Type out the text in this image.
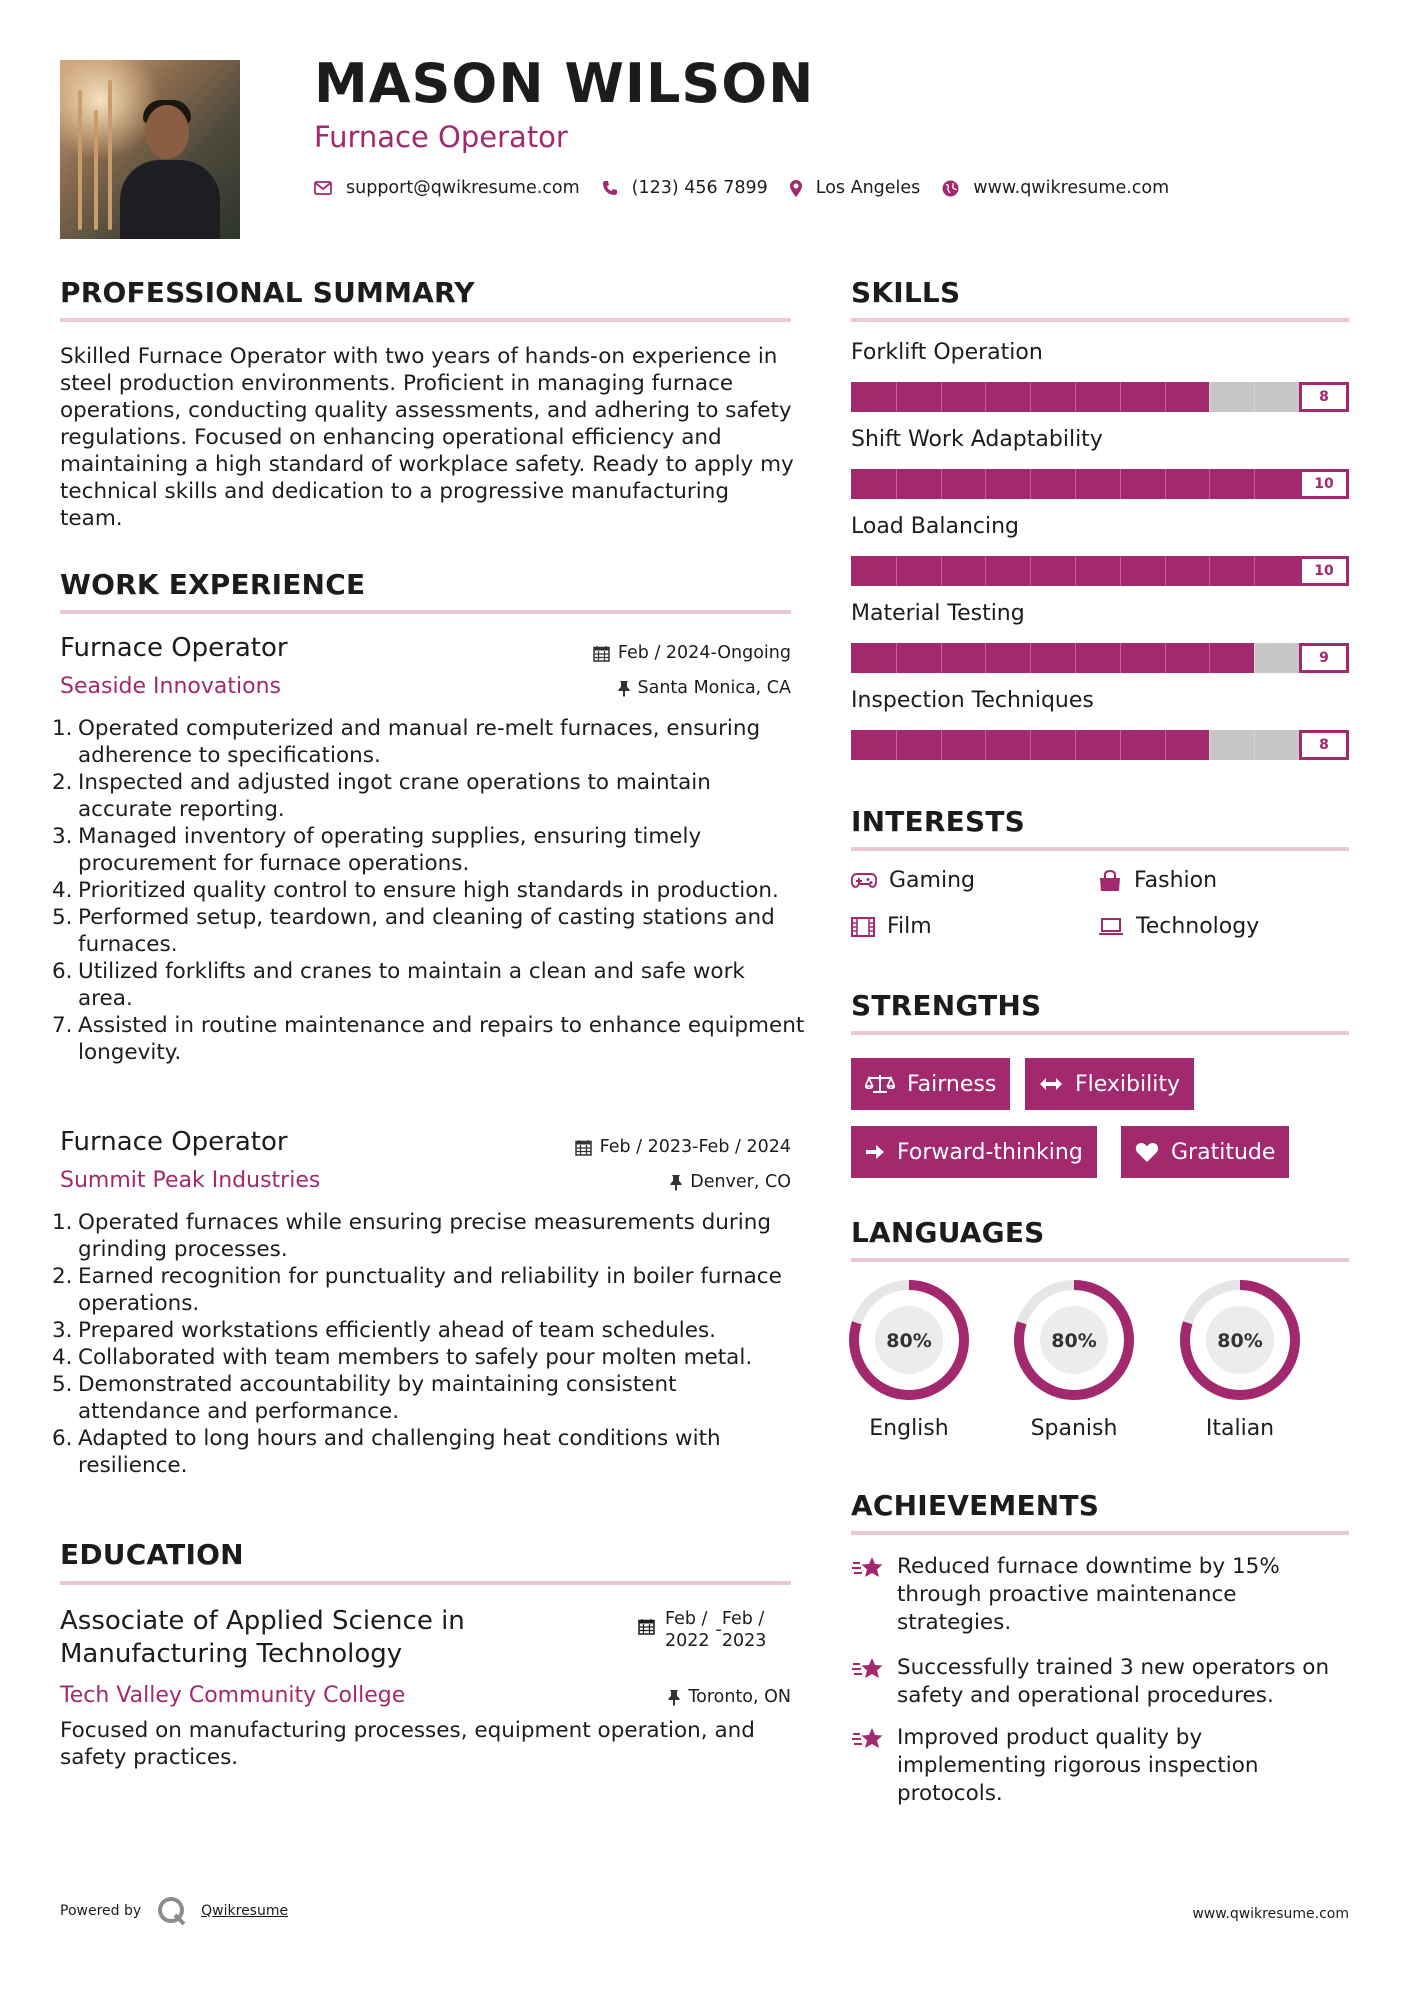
MASON WILSON
Furnace Operator
support@qwikresume.com	(123) 456 7899	Los Angeles	www.qwikresume.com
PROFESSIONAL SUMMARY
Skilled Furnace Operator with two years of hands-on experience in steel production environments. Proficient in managing furnace operations, conducting quality assessments, and adhering to safety regulations. Focused on enhancing operational efficiency and maintaining a high standard of workplace safety. Ready to apply my technical skills and dedication to a progressive manufacturing team.
WORK EXPERIENCE
Furnace Operator	Feb / 2024-Ongoing
Seaside Innovations	Santa Monica, CA
1. Operated computerized and manual re-melt furnaces, ensuring adherence to specifications.
2. Inspected and adjusted ingot crane operations to maintain accurate reporting.
3. Managed inventory of operating supplies, ensuring timely procurement for furnace operations.
4. Prioritized quality control to ensure high standards in production.
5. Performed setup, teardown, and cleaning of casting stations and furnaces.
6. Utilized forklifts and cranes to maintain a clean and safe work area.
7. Assisted in routine maintenance and repairs to enhance equipment longevity.
Furnace Operator	Feb / 2023-Feb / 2024
Summit Peak Industries	Denver, CO
1. Operated furnaces while ensuring precise measurements during grinding processes.
2. Earned recognition for punctuality and reliability in boiler furnace operations.
3. Prepared workstations efficiently ahead of team schedules.
4. Collaborated with team members to safely pour molten metal.
5. Demonstrated accountability by maintaining consistent attendance and performance.
6. Adapted to long hours and challenging heat conditions with resilience.
EDUCATION
Associate of Applied Science in Manufacturing Technology
Feb /
2022
-
Feb /
2023
Tech Valley Community College	Toronto, ON
Focused on manufacturing processes, equipment operation, and safety practices.
SKILLS
Forklift Operation
8
Shift Work Adaptability
10
Load Balancing
10
Material Testing
9
Inspection Techniques
8
INTERESTS
Gaming	Fashion
Film	Technology
STRENGTHS
Fairness	Flexibility
Forward-thinking	Gratitude
LANGUAGES
80%
English
80%
Spanish
80%
Italian
ACHIEVEMENTS
Reduced furnace downtime by 15% through proactive maintenance strategies.
Successfully trained 3 new operators on safety and operational procedures.
Improved product quality by implementing rigorous inspection protocols.
Powered by	Qwikresume	www.qwikresume.com
